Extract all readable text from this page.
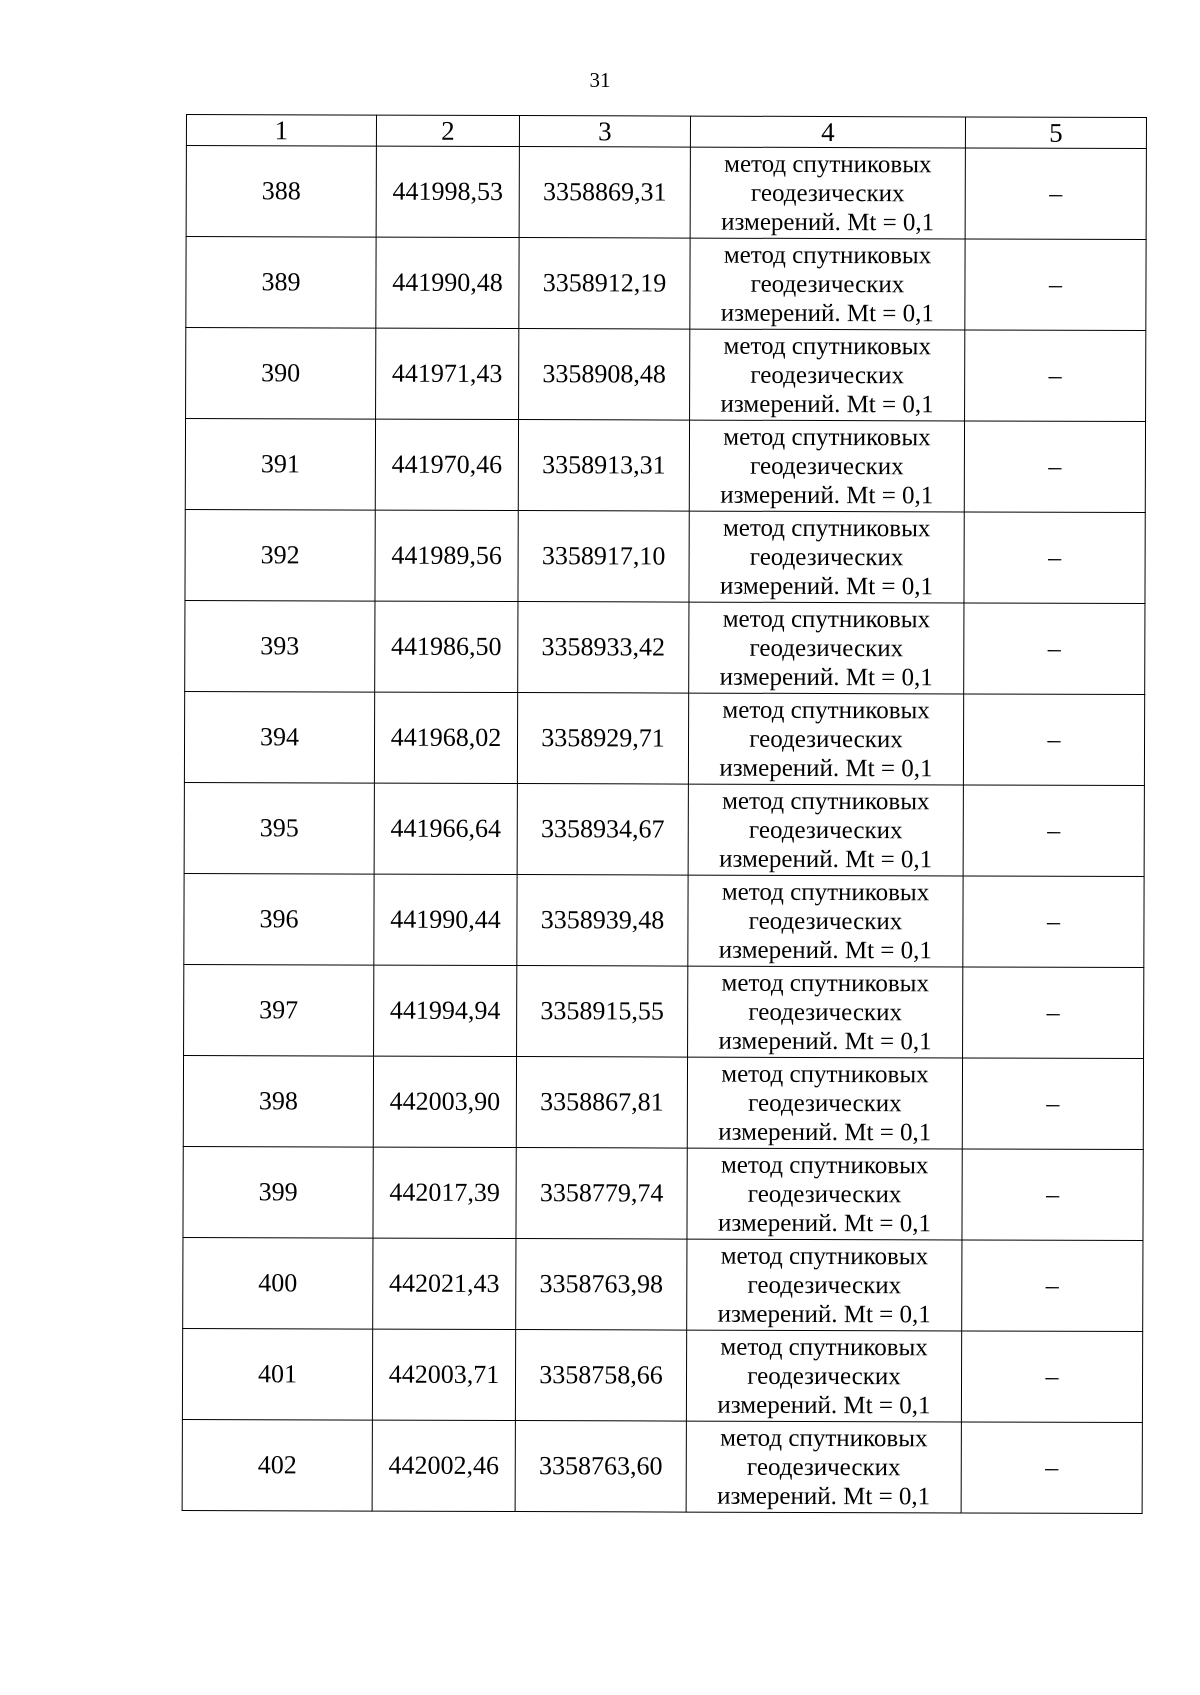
31
1	2	3	4	5
388	441998,53	3358869,31	метод спутниковых
геодезических
измерений. Mt = 0,1	–
389	441990,48	3358912,19	метод спутниковых
геодезических
измерений. Mt = 0,1	–
390	441971,43	3358908,48	метод спутниковых
геодезических
измерений. Mt = 0,1	–
391	441970,46	3358913,31	метод спутниковых
геодезических
измерений. Mt = 0,1	–
392	441989,56	3358917,10	метод спутниковых
геодезических
измерений. Mt = 0,1	–
393	441986,50	3358933,42	метод спутниковых
геодезических
измерений. Mt = 0,1	–
394	441968,02	3358929,71	метод спутниковых
геодезических
измерений. Mt = 0,1	–
395	441966,64	3358934,67	метод спутниковых
геодезических
измерений. Mt = 0,1	–
396	441990,44	3358939,48	метод спутниковых
геодезических
измерений. Mt = 0,1	–
397	441994,94	3358915,55	метод спутниковых
геодезических
измерений. Mt = 0,1	–
398	442003,90	3358867,81	метод спутниковых
геодезических
измерений. Mt = 0,1	–
399	442017,39	3358779,74	метод спутниковых
геодезических
измерений. Mt = 0,1	–
400	442021,43	3358763,98	метод спутниковых
геодезических
измерений. Mt = 0,1	–
401	442003,71	3358758,66	метод спутниковых
геодезических
измерений. Mt = 0,1	–
402	442002,46	3358763,60	метод спутниковых
геодезических
измерений. Mt = 0,1	–
